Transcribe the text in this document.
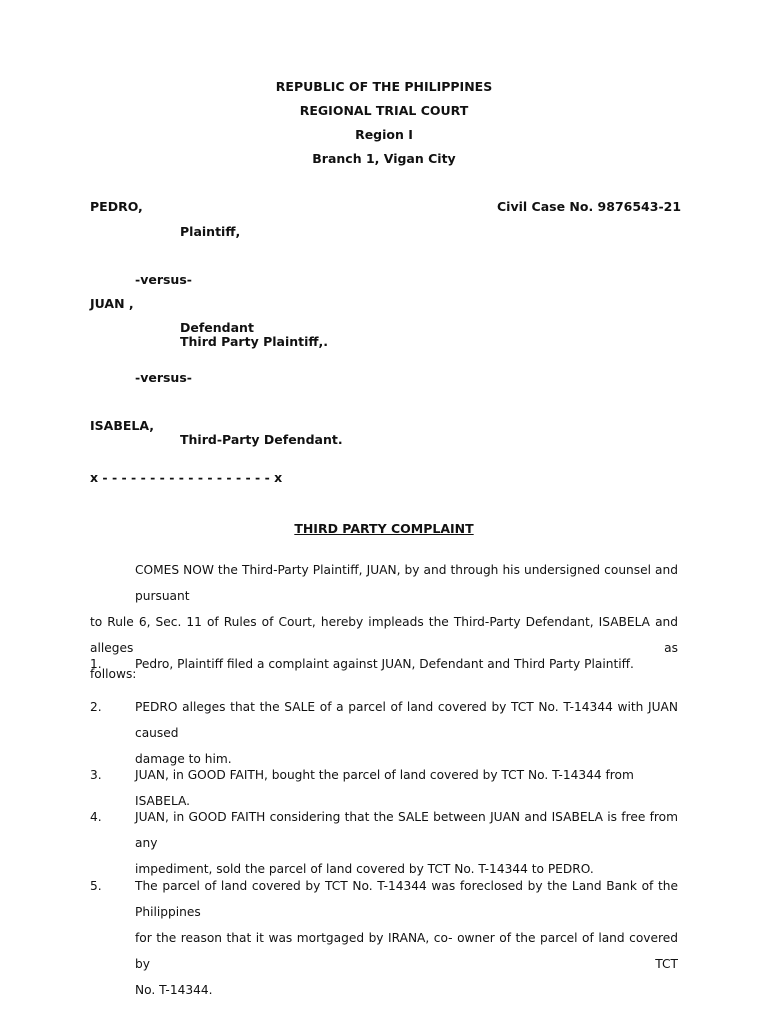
REPUBLIC OF THE PHILIPPINES
REGIONAL TRIAL COURT
Region I
Branch 1, Vigan City
PEDRO,	Civil Case No. 9876543-21
Plaintiff,
-versus-
JUAN ,
Defendant
Third Party Plaintiff,.
-versus-
ISABELA,
Third-Party Defendant.
x - - - - - - - - - - - - - - - - - - x
THIRD PARTY COMPLAINT
COMES NOW the Third-Party Plaintiff, JUAN, by and through his undersigned counsel and pursuant
to Rule 6, Sec. 11 of Rules of Court, hereby impleads the Third-Party Defendant, ISABELA and alleges as
follows:
1.	Pedro, Plaintiff filed a complaint against JUAN, Defendant and Third Party Plaintiff.
2.	PEDRO alleges that the SALE of a parcel of land covered by TCT No. T-14344 with JUAN caused
damage to him.
3.	JUAN, in GOOD FAITH, bought the parcel of land covered by TCT No. T-14344 from ISABELA.
4.	JUAN, in GOOD FAITH considering that the SALE between JUAN and ISABELA is free from any
impediment, sold the parcel of land covered by TCT No. T-14344 to PEDRO.
5.	The parcel of land covered by TCT No. T-14344 was foreclosed by the Land Bank of the Philippines
for the reason that it was mortgaged by IRANA, co- owner of the parcel of land covered by TCT
No. T-14344.
